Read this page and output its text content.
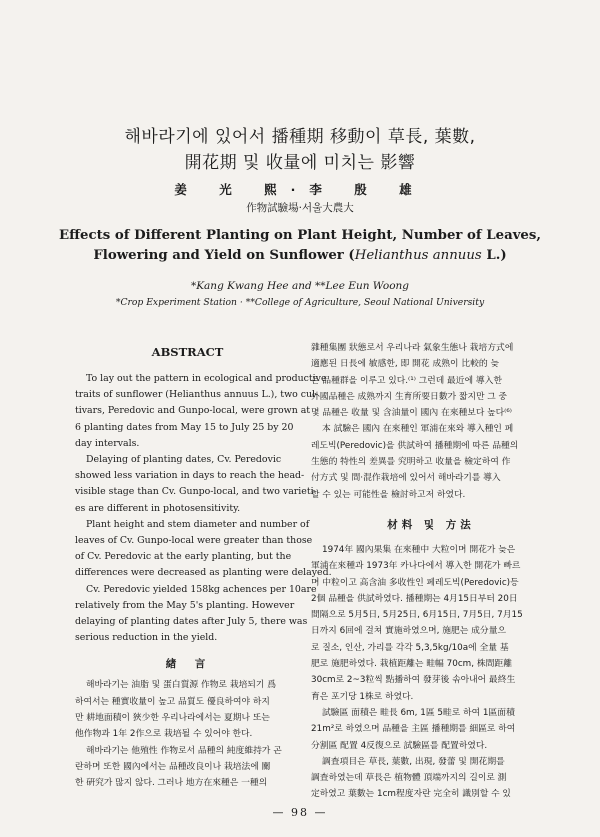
해바라기에 있어서 播種期 移動이 草長, 葉數,
開花期 및 收量에 미치는 影響
姜 光 熙·李 殷 雄
作物試驗場·서울大農大
Effects of Different Planting on Plant Height, Number of Leaves,
Flowering and Yield on Sunflower (Helianthus annuus L.)
*Kang Kwang Hee and **Lee Eun Woong
*Crop Experiment Station · **College of Agriculture, Seoul National University

ABSTRACT

To lay out the pattern in ecological and productive
traits of sunflower (Helianthus annuus L.), two cul-
tivars, Peredovic and Gunpo-local, were grown at
6 planting dates from May 15 to July 25 by 20
day intervals.
Delaying of planting dates, Cv. Peredovic
showed less variation in days to reach the head-
visible stage than Cv. Gunpo-local, and two varieti-
es are different in photosensitivity.
Plant height and stem diameter and number of
leaves of Cv. Gunpo-local were greater than those
of Cv. Peredovic at the early planting, but the
differences were decreased as planting were delayed.
Cv. Peredovic yielded 158kg achences per 10are
relatively from the May 5's planting. However
delaying of planting dates after July 5, there was
serious reduction in the yield.

緖　言

해바라기는 油脂 및 蛋白質源 作物로 栽培되기 爲
하여서는 種實收量이 높고 品質도 優良하여야 하지
만 耕地面積이 狹少한 우리나라에서는 夏期나 또는
他作物과 1年 2作으로 栽培될 수 있어야 한다.
해바라기는 他殖性 作物로서 品種의 純度維持가 곤
란하며 또한 國內에서는 品種改良이나 栽培法에 關
한 硏究가 많지 않다. 그러나 地方在來種은 一種의
雜種集團 狀態로서 우리나라 氣象生態나 栽培方式에
適應된 日長에 敏感한, 即 開花 成熟이 比較的 늦
은 品種群을 이루고 있다.⁽¹⁾ 그런데 最近에 導入한
外國品種은 成熟까지 生育所要日數가 짧지만 그 중
몇 品種은 收量 및 含油量이 國內 在來種보다 높다⁽⁶⁾
本 試驗은 國內 在來種인 軍浦在來와 導入種인 페
레도빅(Peredovic)을 供試하여 播種期에 따른 品種의
生態的 特性의 差異를 究明하고 收量을 檢定하여 作
付方式 및 間·混作栽培에 있어서 해바라기를 導入
할 수 있는 可能性을 檢討하고저 하였다.

材料 및 方法

1974年 國內果集 在來種中 大粒이며 開花가 늦은
軍浦在來種과 1973年 카나다에서 導入한 開花가 빠르
며 中粒이고 高含油 多收性인 페레도빅(Peredovic)등
2個 品種을 供試하였다. 播種期는 4月15日부터 20日
間隔으로 5月5日, 5月25日, 6月15日, 7月5日, 7月15
日까지 6回에 걸쳐 實施하였으며, 施肥는 成分量으
로 질소, 인산, 가리를 각각 5,3,5kg/10a에 全量 基
肥로 施肥하였다. 栽植距離는 畦幅 70cm, 株間距離
30cm로 2~3粒씩 點播하여 發芽後 솎아내어 最終生
育은 포기당 1株로 하였다.
試驗區 面積은 畦長 6m, 1區 5畦로 하여 1區面積
21m²로 하였으며 品種을 主區 播種期를 細區로 하여
分割區 配置 4反復으로 試驗區를 配置하였다.
調査項目은 草長, 葉數, 出現, 發蕾 및 開花期를
調査하였는데 草長은 植物體 頂端까지의 길이로 測
定하였고 葉數는 1cm程度자란 完全히 識別할 수 있
— 98 —
